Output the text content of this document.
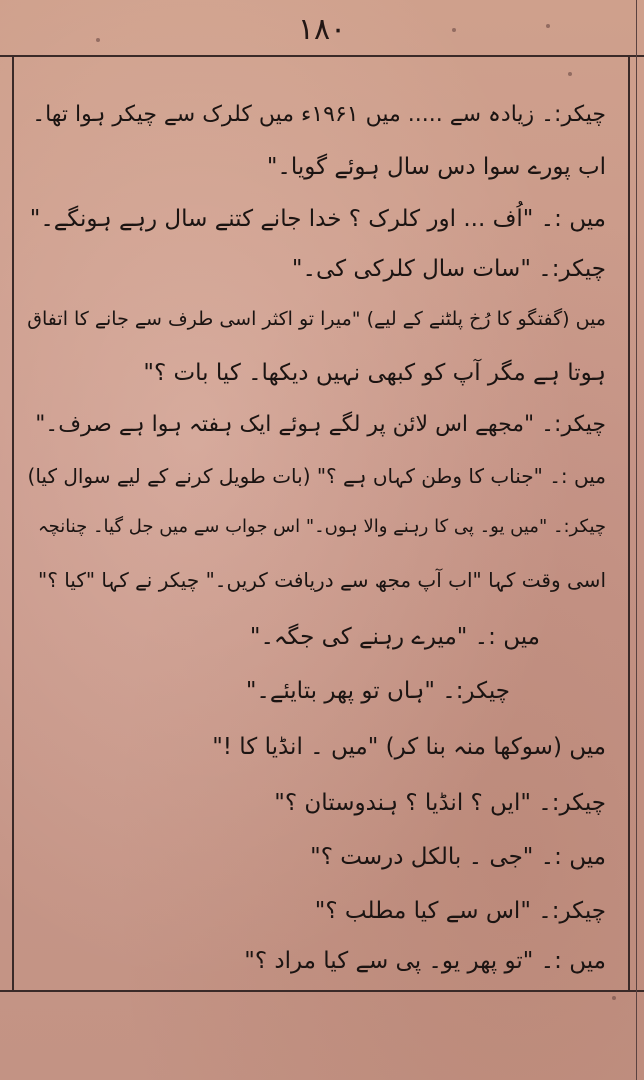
۱۸۰
چیکر:۔ زیادہ سے ..... میں ۱۹۶۱ء میں کلرک سے چیکر ہوا تھا۔
اب پورے سوا دس سال ہوئے گویا۔"
میں :۔ "اُف ... اور کلرک ؟ خدا جانے کتنے سال رہے ہونگے۔"
چیکر:۔ "سات سال کلرکی کی۔"
میں (گفتگو کا رُخ پلٹنے کے لیے) "میرا تو اکثر اسی طرف سے جانے کا اتفاق
ہوتا ہے مگر آپ کو کبھی نہیں دیکھا۔ کیا بات ؟"
چیکر:۔ "مجھے اس لائن پر لگے ہوئے ایک ہفتہ ہوا ہے صرف۔"
میں :۔ "جناب کا وطن کہاں ہے ؟" (بات طویل کرنے کے لیے سوال کیا)
چیکر:۔ "میں یو۔ پی کا رہنے والا ہوں۔" اس جواب سے میں جل گیا۔ چنانچہ
اسی وقت کہا "اب آپ مجھ سے دریافت کریں۔" چیکر نے کہا "کیا ؟"
میں :۔ "میرے رہنے کی جگہ۔"
چیکر:۔ "ہاں تو پھر بتایئے۔"
میں (سوکھا منہ بنا کر) "میں ۔ انڈیا کا !"
چیکر:۔ "ایں ؟ انڈیا ؟ ہندوستان ؟"
میں :۔ "جی ۔ بالکل درست ؟"
چیکر:۔ "اس سے کیا مطلب ؟"
میں :۔ "تو پھر یو۔ پی سے کیا مراد ؟"
